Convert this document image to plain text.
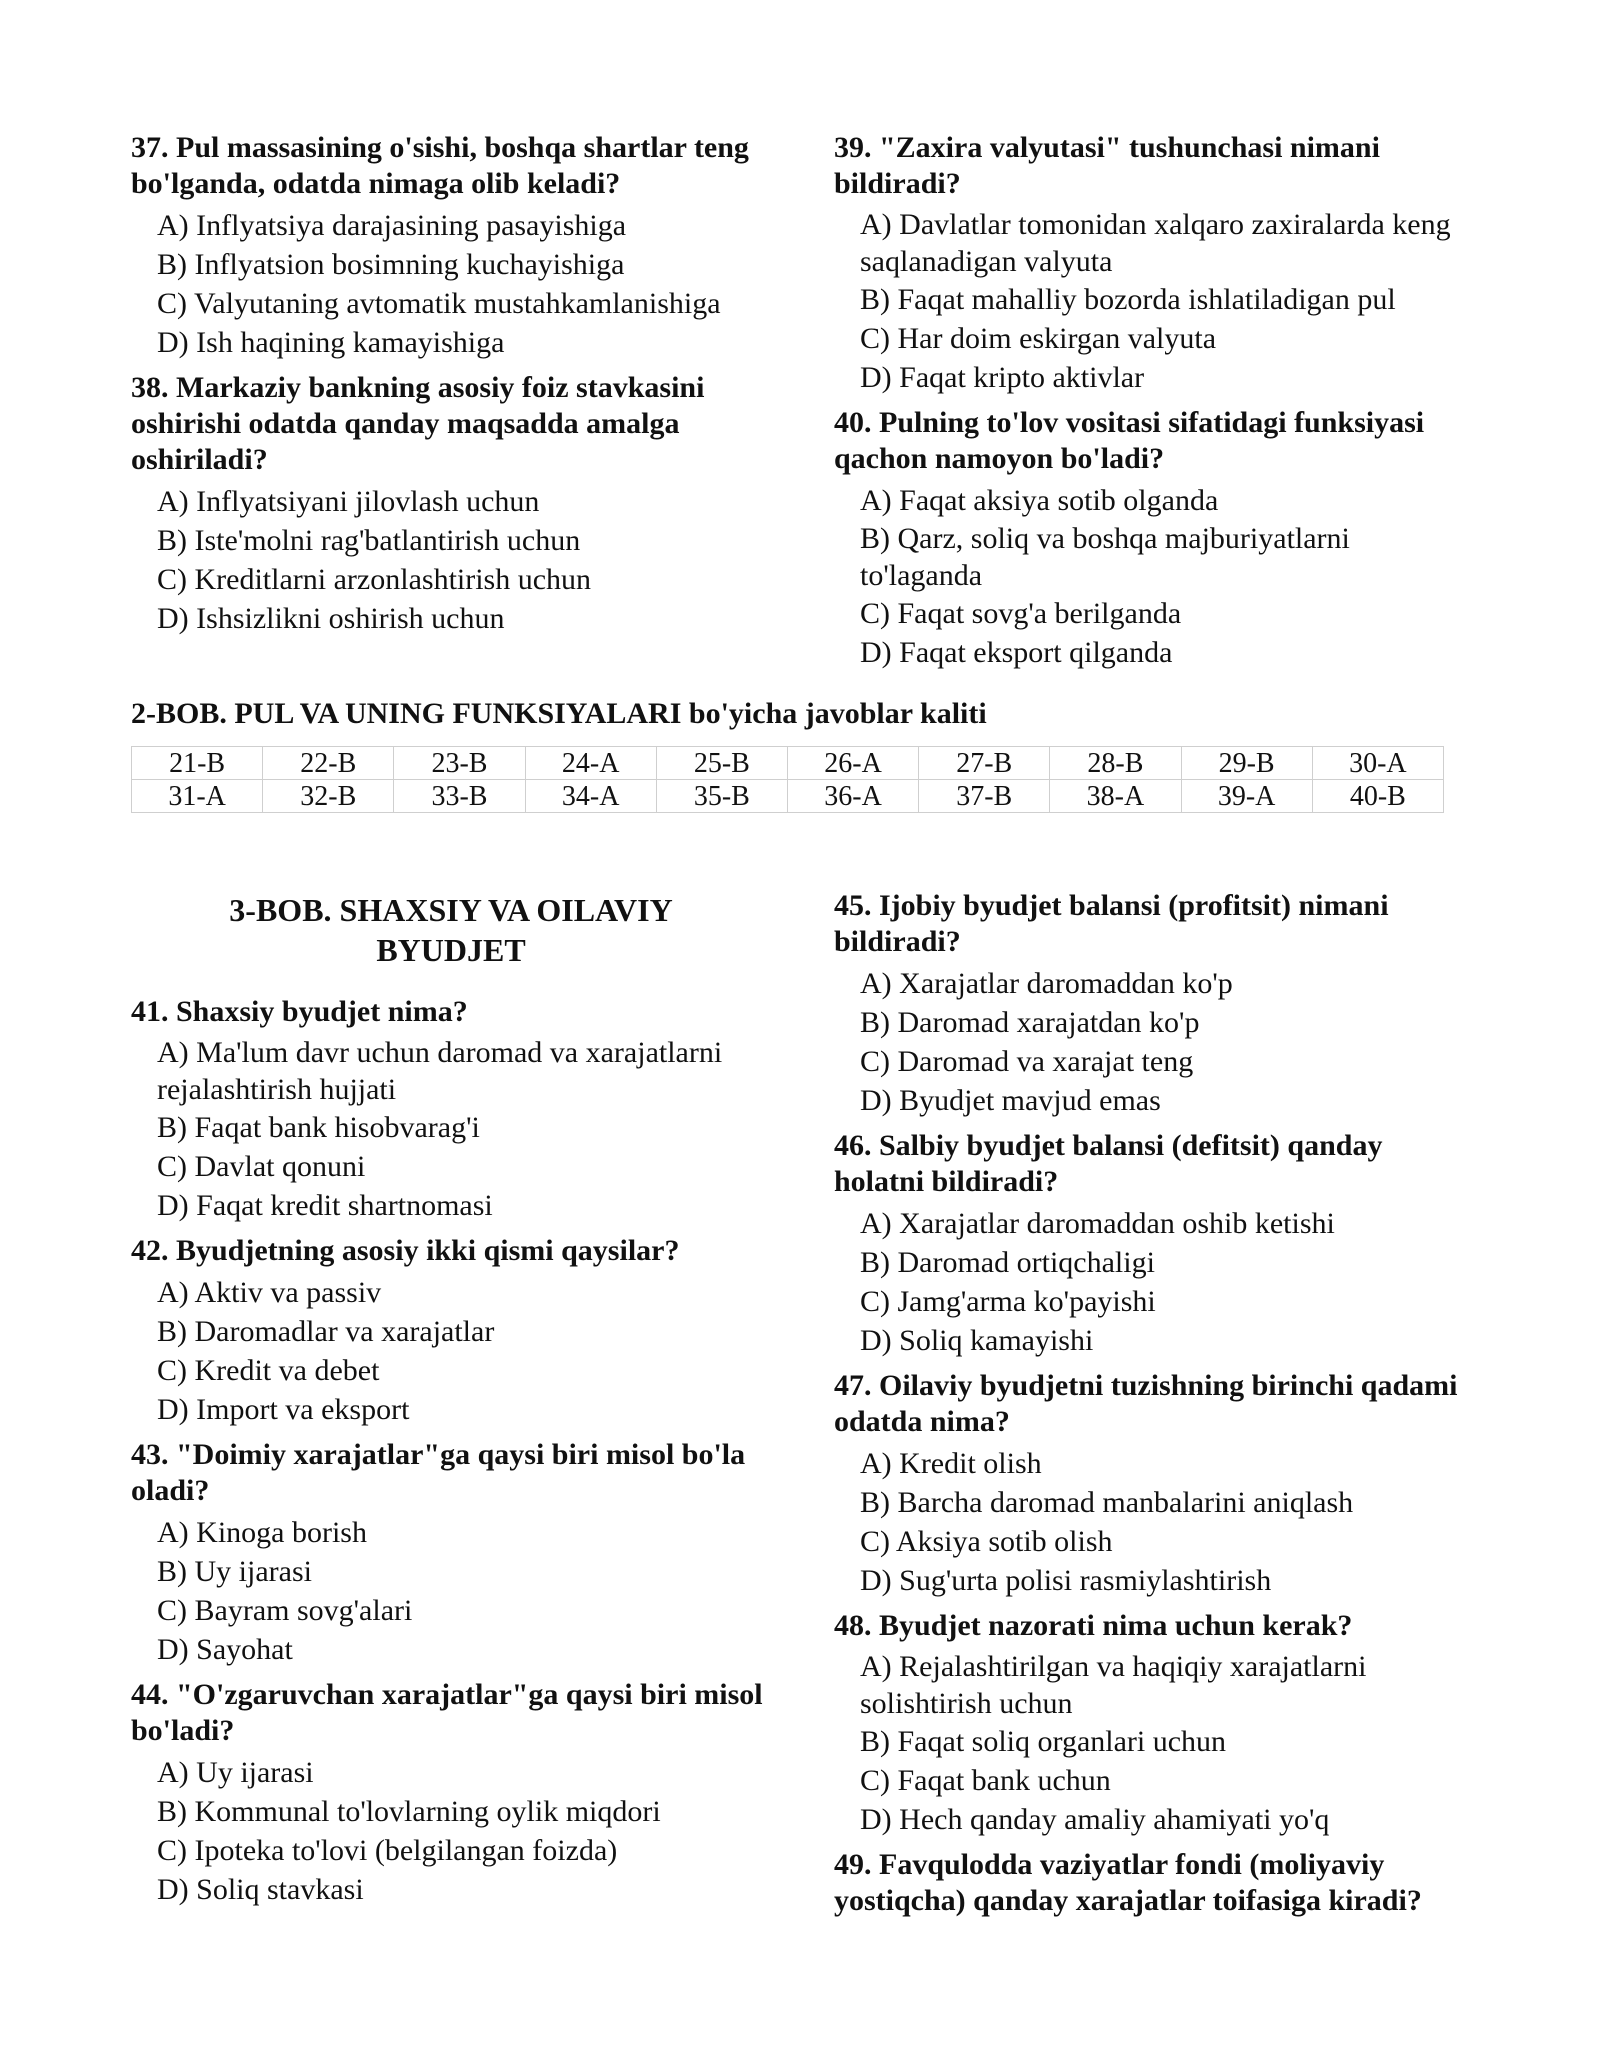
37. Pul massasining o'sishi, boshqa shartlar teng bo'lganda, odatda nimaga olib keladi?

A) Inflyatsiya darajasining pasayishiga

B) Inflyatsion bosimning kuchayishiga

C) Valyutaning avtomatik mustahkamlanishiga

D) Ish haqining kamayishiga

38. Markaziy bankning asosiy foiz stavkasini oshirishi odatda qanday maqsadda amalga oshiriladi?

A) Inflyatsiyani jilovlash uchun

B) Iste'molni rag'batlantirish uchun

C) Kreditlarni arzonlashtirish uchun

D) Ishsizlikni oshirish uchun

39. "Zaxira valyutasi" tushunchasi nimani bildiradi?

A) Davlatlar tomonidan xalqaro zaxiralarda keng saqlanadigan valyuta

B) Faqat mahalliy bozorda ishlatiladigan pul

C) Har doim eskirgan valyuta

D) Faqat kripto aktivlar

40. Pulning to'lov vositasi sifatidagi funksiyasi qachon namoyon bo'ladi?

A) Faqat aksiya sotib olganda

B) Qarz, soliq va boshqa majburiyatlarni to'laganda

C) Faqat sovg'a berilganda

D) Faqat eksport qilganda

2-BOB. PUL VA UNING FUNKSIYALARI bo'yicha javoblar kaliti
21-B	22-B	23-B	24-A	25-B	26-A	27-B	28-B	29-B	30-A
31-A	32-B	33-B	34-A	35-B	36-A	37-B	38-A	39-A	40-B
3-BOB. SHAXSIY VA OILAVIY
BYUDJET

41. Shaxsiy byudjet nima?

A) Ma'lum davr uchun daromad va xarajatlarni rejalashtirish hujjati

B) Faqat bank hisobvarag'i

C) Davlat qonuni

D) Faqat kredit shartnomasi

42. Byudjetning asosiy ikki qismi qaysilar?

A) Aktiv va passiv

B) Daromadlar va xarajatlar

C) Kredit va debet

D) Import va eksport

43. "Doimiy xarajatlar"ga qaysi biri misol bo'la oladi?

A) Kinoga borish

B) Uy ijarasi

C) Bayram sovg'alari

D) Sayohat

44. "O'zgaruvchan xarajatlar"ga qaysi biri misol bo'ladi?

A) Uy ijarasi

B) Kommunal to'lovlarning oylik miqdori

C) Ipoteka to'lovi (belgilangan foizda)

D) Soliq stavkasi

45. Ijobiy byudjet balansi (profitsit) nimani bildiradi?

A) Xarajatlar daromaddan ko'p

B) Daromad xarajatdan ko'p

C) Daromad va xarajat teng

D) Byudjet mavjud emas

46. Salbiy byudjet balansi (defitsit) qanday holatni bildiradi?

A) Xarajatlar daromaddan oshib ketishi

B) Daromad ortiqchaligi

C) Jamg'arma ko'payishi

D) Soliq kamayishi

47. Oilaviy byudjetni tuzishning birinchi qadami odatda nima?

A) Kredit olish

B) Barcha daromad manbalarini aniqlash

C) Aksiya sotib olish

D) Sug'urta polisi rasmiylashtirish

48. Byudjet nazorati nima uchun kerak?

A) Rejalashtirilgan va haqiqiy xarajatlarni solishtirish uchun

B) Faqat soliq organlari uchun

C) Faqat bank uchun

D) Hech qanday amaliy ahamiyati yo'q

49. Favqulodda vaziyatlar fondi (moliyaviy yostiqcha) qanday xarajatlar toifasiga kiradi?
